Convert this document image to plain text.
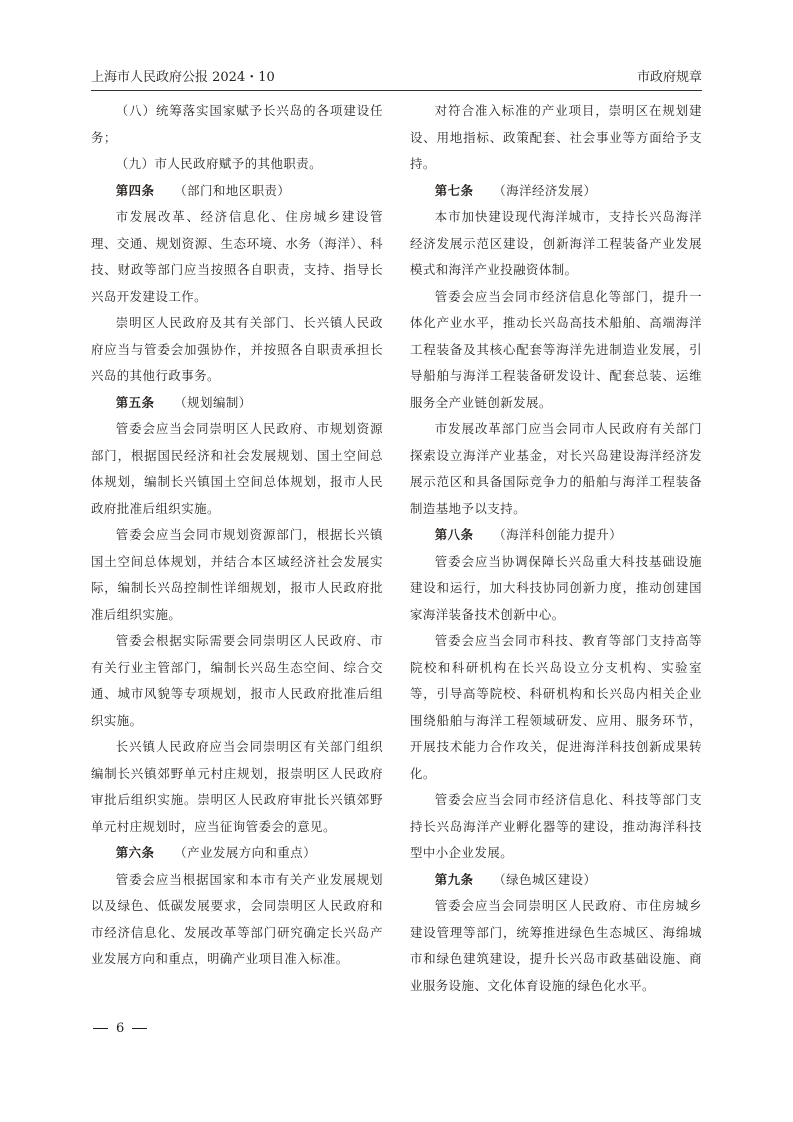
上海市人民政府公报 2024・10	市政府规章

（八）统筹落实国家赋予长兴岛的各项建设任务；

（九）市人民政府赋予的其他职责。

第四条 （部门和地区职责）

市发展改革、经济信息化、住房城乡建设管理、交通、规划资源、生态环境、水务（海洋）、科技、财政等部门应当按照各自职责，支持、指导长兴岛开发建设工作。

崇明区人民政府及其有关部门、长兴镇人民政府应当与管委会加强协作，并按照各自职责承担长兴岛的其他行政事务。

第五条 （规划编制）

管委会应当会同崇明区人民政府、市规划资源部门，根据国民经济和社会发展规划、国土空间总体规划，编制长兴镇国土空间总体规划，报市人民政府批准后组织实施。

管委会应当会同市规划资源部门，根据长兴镇国土空间总体规划，并结合本区域经济社会发展实际，编制长兴岛控制性详细规划，报市人民政府批准后组织实施。

管委会根据实际需要会同崇明区人民政府、市有关行业主管部门，编制长兴岛生态空间、综合交通、城市风貌等专项规划，报市人民政府批准后组织实施。

长兴镇人民政府应当会同崇明区有关部门组织编制长兴镇郊野单元村庄规划，报崇明区人民政府审批后组织实施。崇明区人民政府审批长兴镇郊野单元村庄规划时，应当征询管委会的意见。

第六条 （产业发展方向和重点）

管委会应当根据国家和本市有关产业发展规划以及绿色、低碳发展要求，会同崇明区人民政府和市经济信息化、发展改革等部门研究确定长兴岛产业发展方向和重点，明确产业项目准入标准。

对符合准入标准的产业项目，崇明区在规划建设、用地指标、政策配套、社会事业等方面给予支持。

第七条 （海洋经济发展）

本市加快建设现代海洋城市，支持长兴岛海洋经济发展示范区建设，创新海洋工程装备产业发展模式和海洋产业投融资体制。

管委会应当会同市经济信息化等部门，提升一体化产业水平，推动长兴岛高技术船舶、高端海洋工程装备及其核心配套等海洋先进制造业发展，引导船舶与海洋工程装备研发设计、配套总装、运维服务全产业链创新发展。

市发展改革部门应当会同市人民政府有关部门探索设立海洋产业基金，对长兴岛建设海洋经济发展示范区和具备国际竞争力的船舶与海洋工程装备制造基地予以支持。

第八条 （海洋科创能力提升）

管委会应当协调保障长兴岛重大科技基础设施建设和运行，加大科技协同创新力度，推动创建国家海洋装备技术创新中心。

管委会应当会同市科技、教育等部门支持高等院校和科研机构在长兴岛设立分支机构、实验室等，引导高等院校、科研机构和长兴岛内相关企业围绕船舶与海洋工程领域研发、应用、服务环节，开展技术能力合作攻关，促进海洋科技创新成果转化。

管委会应当会同市经济信息化、科技等部门支持长兴岛海洋产业孵化器等的建设，推动海洋科技型中小企业发展。

第九条 （绿色城区建设）

管委会应当会同崇明区人民政府、市住房城乡建设管理等部门，统筹推进绿色生态城区、海绵城市和绿色建筑建设，提升长兴岛市政基础设施、商业服务设施、文化体育设施的绿色化水平。

6
